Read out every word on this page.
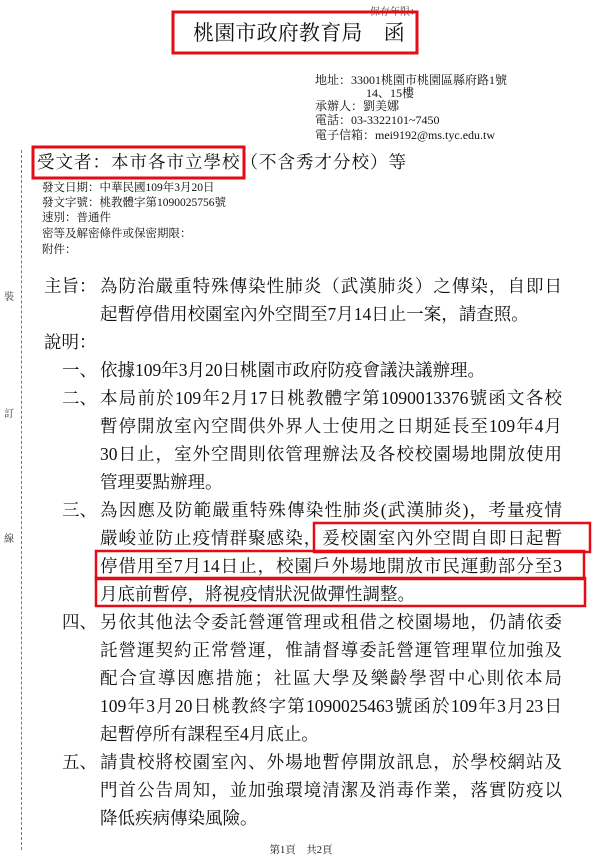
保存年限：
桃園市政府教育局　函
地址：33001桃園市桃園區縣府路1號
14、15樓
承辦人：劉美娜
電話：03-3322101~7450
電子信箱：mei9192@ms.tyc.edu.tw
受文者：本市各市立學校（不含秀才分校）等
發文日期：中華民國109年3月20日
發文字號：桃教體字第1090025756號
速別：普通件
密等及解密條件或保密期限：
附件：
裝
訂
線
主旨： 為防治嚴重特殊傳染性肺炎（武漢肺炎）之傳染，自即日
起暫停借用校園室內外空間至7月14日止一案，請查照。
說明：
一、 依據109年3月20日桃園市政府防疫會議決議辦理。
二、 本局前於109年2月17日桃教體字第1090013376號函文各校
暫停開放室內空間供外界人士使用之日期延長至109年4月
30日止，室外空間則依管理辦法及各校校園場地開放使用
管理要點辦理。
三、 為因應及防範嚴重特殊傳染性肺炎(武漢肺炎)，考量疫情
嚴峻並防止疫情群聚感染，爰校園室內外空間自即日起暫
停借用至7月14日止，校園戶外場地開放市民運動部分至3
月底前暫停，將視疫情狀況做彈性調整。
四、 另依其他法令委託營運管理或租借之校園場地，仍請依委
託營運契約正常營運，惟請督導委託營運管理單位加強及
配合宣導因應措施；社區大學及樂齡學習中心則依本局
109年3月20日桃教終字第1090025463號函於109年3月23日
起暫停所有課程至4月底止。
五、 請貴校將校園室內、外場地暫停開放訊息，於學校網站及
門首公告周知，並加強環境清潔及消毒作業，落實防疫以
降低疾病傳染風險。
第1頁　共2頁
